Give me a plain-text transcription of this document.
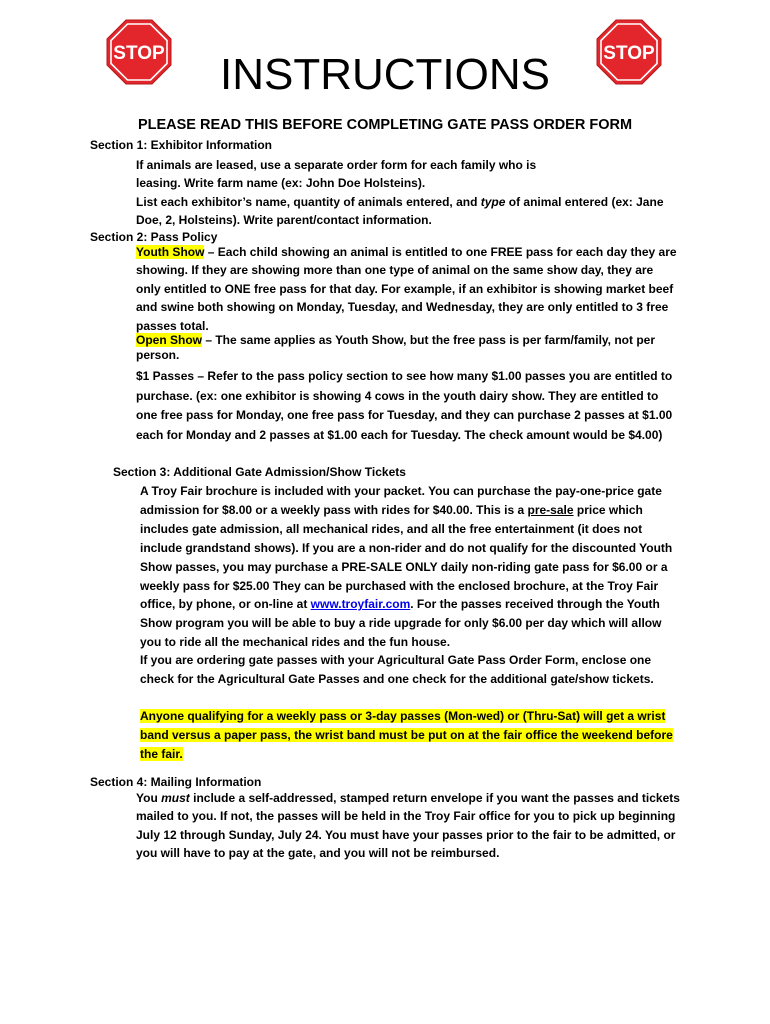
STOP	STOP
INSTRUCTIONS
PLEASE READ THIS BEFORE COMPLETING GATE PASS ORDER FORM
Section 1: Exhibitor Information
If animals are leased, use a separate order form for each family who is leasing. Write farm name (ex: John Doe Holsteins).
List each exhibitor’s name, quantity of animals entered, and type of animal entered (ex: Jane Doe, 2, Holsteins). Write parent/contact information.
Section 2: Pass Policy
Youth Show – Each child showing an animal is entitled to one FREE pass for each day they are showing. If they are showing more than one type of animal on the same show day, they are only entitled to ONE free pass for that day. For example, if an exhibitor is showing market beef and swine both showing on Monday, Tuesday, and Wednesday, they are only entitled to 3 free passes total.
Open Show – The same applies as Youth Show, but the free pass is per farm/family, not per person.
$1 Passes – Refer to the pass policy section to see how many $1.00 passes you are entitled to purchase. (ex: one exhibitor is showing 4 cows in the youth dairy show. They are entitled to one free pass for Monday, one free pass for Tuesday, and they can purchase 2 passes at $1.00 each for Monday and 2 passes at $1.00 each for Tuesday. The check amount would be $4.00)
Section 3: Additional Gate Admission/Show Tickets
A Troy Fair brochure is included with your packet. You can purchase the pay-one-price gate admission for $8.00 or a weekly pass with rides for $40.00. This is a pre-sale price which includes gate admission, all mechanical rides, and all the free entertainment (it does not include grandstand shows). If you are a non-rider and do not qualify for the discounted Youth Show passes, you may purchase a PRE-SALE ONLY daily non-riding gate pass for $6.00 or a weekly pass for $25.00 They can be purchased with the enclosed brochure, at the Troy Fair office, by phone, or on-line at www.troyfair.com. For the passes received through the Youth Show program you will be able to buy a ride upgrade for only $6.00 per day which will allow you to ride all the mechanical rides and the fun house.
If you are ordering gate passes with your Agricultural Gate Pass Order Form, enclose one check for the Agricultural Gate Passes and one check for the additional gate/show tickets.
Anyone qualifying for a weekly pass or 3-day passes (Mon-wed) or (Thru-Sat) will get a wrist band versus a paper pass, the wrist band must be put on at the fair office the weekend before the fair.
Section 4: Mailing Information
You must include a self-addressed, stamped return envelope if you want the passes and tickets mailed to you. If not, the passes will be held in the Troy Fair office for you to pick up beginning July 12 through Sunday, July 24. You must have your passes prior to the fair to be admitted, or you will have to pay at the gate, and you will not be reimbursed.
